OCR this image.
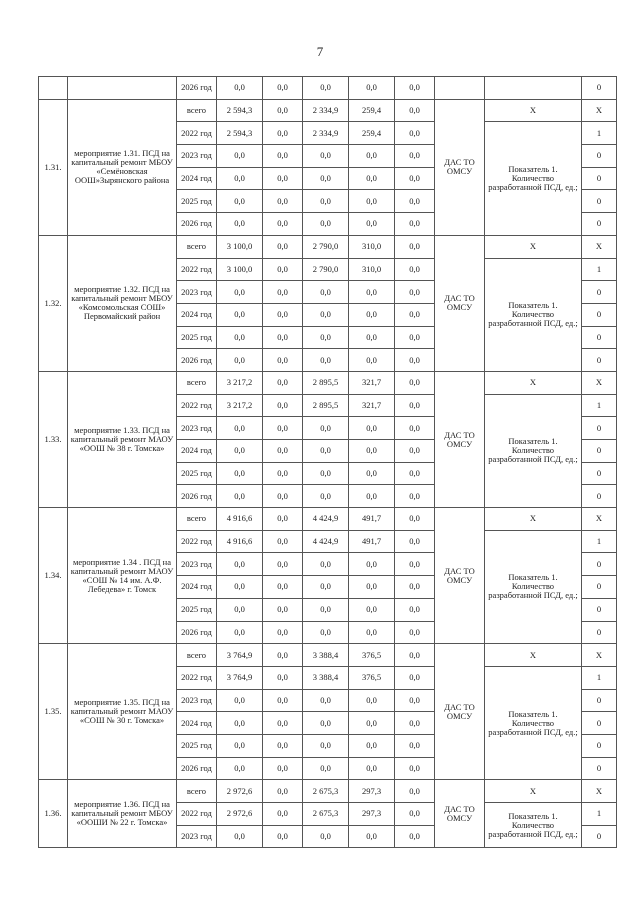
7
		2026 год	0,0	0,0	0,0	0,0	0,0			0
1.31.	мероприятие 1.31. ПСД на капитальный ремонт МБОУ «Семёновская ООШ»Зырянского района	всего	2 594,3	0,0	2 334,9	259,4	0,0	ДАС ТО ОМСУ	Х	Х
		2022 год	2 594,3	0,0	2 334,9	259,4	0,0		Показатель 1. Количество разработанной ПСД, ед.;	1
		2023 год	0,0	0,0	0,0	0,0	0,0			0
		2024 год	0,0	0,0	0,0	0,0	0,0			0
		2025 год	0,0	0,0	0,0	0,0	0,0			0
		2026 год	0,0	0,0	0,0	0,0	0,0			0
1.32.	мероприятие 1.32. ПСД на капитальный ремонт МБОУ «Комсомольская СОШ» Первомайский район	всего	3 100,0	0,0	2 790,0	310,0	0,0	ДАС ТО ОМСУ	Х	Х
		2022 год	3 100,0	0,0	2 790,0	310,0	0,0		Показатель 1. Количество разработанной ПСД, ед.;	1
		2023 год	0,0	0,0	0,0	0,0	0,0			0
		2024 год	0,0	0,0	0,0	0,0	0,0			0
		2025 год	0,0	0,0	0,0	0,0	0,0			0
		2026 год	0,0	0,0	0,0	0,0	0,0			0
1.33.	мероприятие 1.33. ПСД на капитальный ремонт МАОУ «ООШ № 38 г. Томска»	всего	3 217,2	0,0	2 895,5	321,7	0,0	ДАС ТО ОМСУ	Х	Х
		2022 год	3 217,2	0,0	2 895,5	321,7	0,0		Показатель 1. Количество разработанной ПСД, ед.;	1
		2023 год	0,0	0,0	0,0	0,0	0,0			0
		2024 год	0,0	0,0	0,0	0,0	0,0			0
		2025 год	0,0	0,0	0,0	0,0	0,0			0
		2026 год	0,0	0,0	0,0	0,0	0,0			0
1.34.	мероприятие 1.34 . ПСД на капитальный ремонт МАОУ «СОШ № 14 им. А.Ф. Лебедева» г. Томск	всего	4 916,6	0,0	4 424,9	491,7	0,0	ДАС ТО ОМСУ	Х	Х
		2022 год	4 916,6	0,0	4 424,9	491,7	0,0		Показатель 1. Количество разработанной ПСД, ед.;	1
		2023 год	0,0	0,0	0,0	0,0	0,0			0
		2024 год	0,0	0,0	0,0	0,0	0,0			0
		2025 год	0,0	0,0	0,0	0,0	0,0			0
		2026 год	0,0	0,0	0,0	0,0	0,0			0
1.35.	мероприятие 1.35. ПСД на капитальный ремонт МАОУ «СОШ № 30 г. Томска»	всего	3 764,9	0,0	3 388,4	376,5	0,0	ДАС ТО ОМСУ	Х	Х
		2022 год	3 764,9	0,0	3 388,4	376,5	0,0		Показатель 1. Количество разработанной ПСД, ед.;	1
		2023 год	0,0	0,0	0,0	0,0	0,0			0
		2024 год	0,0	0,0	0,0	0,0	0,0			0
		2025 год	0,0	0,0	0,0	0,0	0,0			0
		2026 год	0,0	0,0	0,0	0,0	0,0			0
1.36.	мероприятие 1.36. ПСД на капитальный ремонт МБОУ «ООШИ № 22 г. Томска»	всего	2 972,6	0,0	2 675,3	297,3	0,0	ДАС ТО ОМСУ	Х	Х
		2022 год	2 972,6	0,0	2 675,3	297,3	0,0		Показатель 1. Количество разработанной ПСД, ед.;	1
		2023 год	0,0	0,0	0,0	0,0	0,0			0
